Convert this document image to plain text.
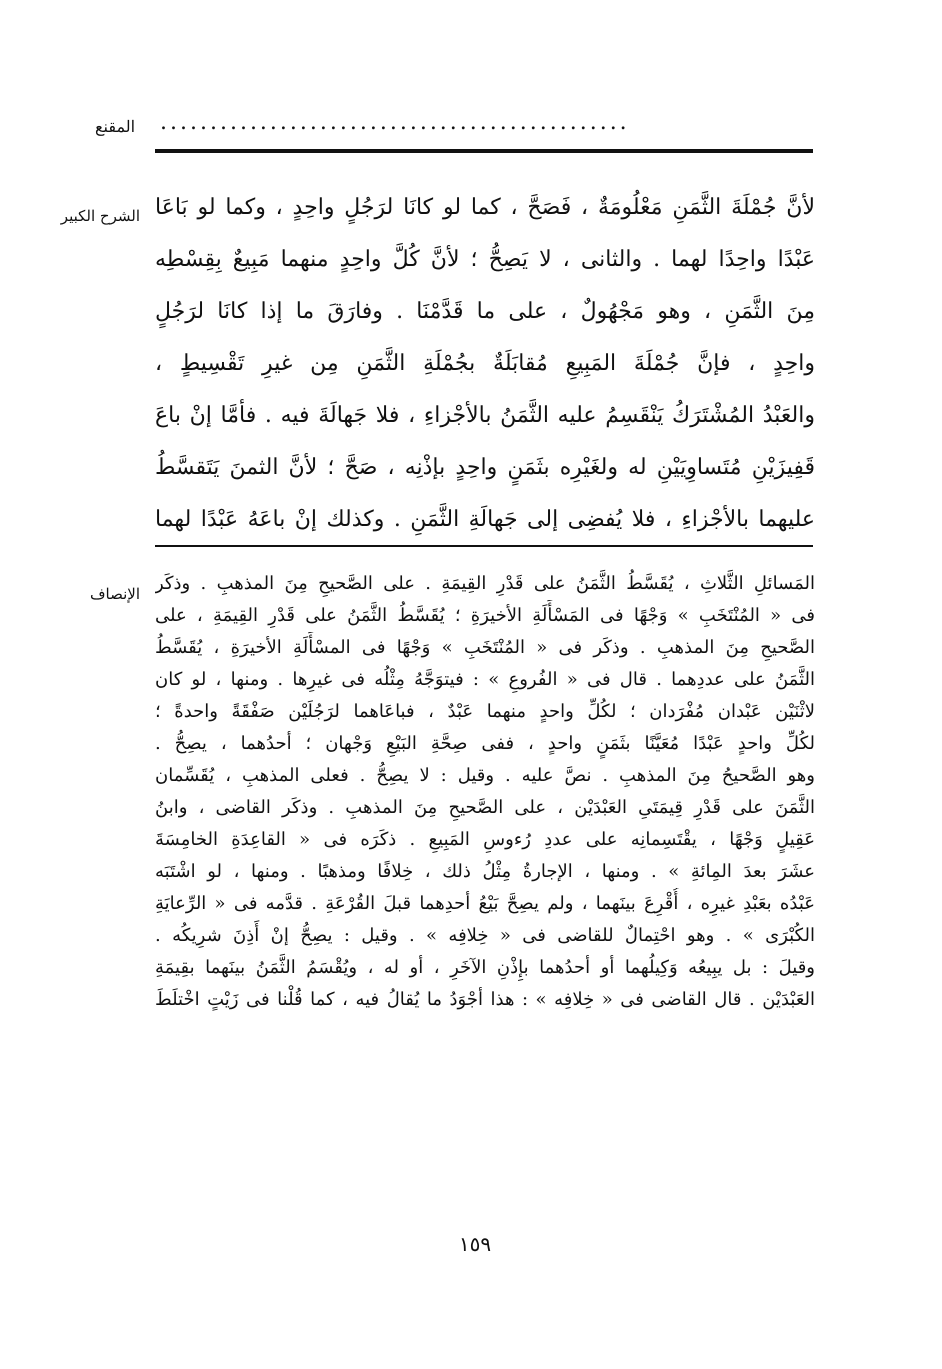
المقنع	...............................................
الشرح الكبير لأنَّ جُمْلَةَ الثَّمَنِ مَعْلُومَةٌ ، فَصَحَّ ، كما لو كانَا لرَجُلٍ واحِدٍ ، وكما لو بَاعَا
عَبْدًا واحِدًا لهما . والثانى ، لا يَصِحُّ ؛ لأنَّ كُلَّ واحِدٍ منهما مَبِيعٌ بِقِسْطِه
مِنَ الثَّمَنِ ، وهو مَجْهُولٌ ، على ما قَدَّمْنَا . وفارَقَ ما إذا كانَا لرَجُلٍ
واحِدٍ ، فإنَّ جُمْلَةَ المَبِيعِ مُقابَلَةٌ بجُمْلَةِ الثَّمَنِ مِن غيرِ تَقْسِيطٍ ،
والعَبْدُ المُشْتَرَكُ يَنْقَسِمُ عليه الثَّمَنُ بالأجْزاءِ ، فلا جَهالَةَ فيه . فأمَّا إنْ باعَ
قَفِيزَيْنِ مُتَساوِيَيْنِ له ولغَيْرِه بثَمَنٍ واحِدٍ بإذْنِه ، صَحَّ ؛ لأنَّ الثمنَ يَتَقسَّطُ
عليهما بالأجْزاءِ ، فلا يُفضِى إلى جَهالَةِ الثَّمَنِ . وكذلك إنْ باعَهُ عَبْدًا لهما
الإنصاف المَسائلِ الثَّلاثِ ، يُقَسَّطُ الثَّمَنُ على قَدْرِ القِيمَةِ . على الصَّحيحِ مِنَ المذهبِ . وذكَر
فى « المُنْتَخَبِ » وَجْهًا فى المَسْأَلَةِ الأخيرَةِ ؛ يُقَسَّطُ الثَّمَنُ على قَدْرِ القِيمَةِ ، على
الصَّحيحِ مِنَ المذهبِ . وذكَر فى « المُنْتَخَبِ » وَجْهًا فى المسْأَلَةِ الأخيرَةِ ، يُقَسَّطُ
الثَّمَنُ على عددِهما . قال فى « الفُروعِ » : فيتوَجَّهُ مِثْلُه فى غيرِها . ومنها ، لو كان
لاثْنَيْن عَبْدان مُفْرَدان ؛ لكُلِّ واحدٍ منهما عَبْدٌ ، فباعَاهما لرَجُلَيْن صَفْقَةً واحدةً ؛
لكُلِّ واحدٍ عَبْدًا مُعَيَّنًا بثَمَنٍ واحدٍ ، ففى صِحَّةِ البَيْعِ وَجْهان ؛ أحدُهما ، يصِحُّ .
وهو الصَّحيحُ مِنَ المذهبِ . نصَّ عليه . وقيل : لا يصِحُّ . فعلى المذهبِ ، يُقَسِّمان
الثَّمَنَ على قَدْرِ قِيمَتَىِ العَبْدَيْن ، على الصَّحيحِ مِنَ المذهبِ . وذكَر القاضى ، وابنُ
عَقِيلٍ وَجْهًا ، يقْتَسِمانِه على عددِ رُءوسِ المَبِيعِ . ذكَرَه فى « القاعِدَةِ الخامِسَةَ
عشَرَ بعدَ المِائةِ » . ومنها ، الإجارةُ مِثْلُ ذلك ، خِلافًا ومذهبًا . ومنها ، لو اشْتَبَه
عَبْدُه بعَبْدِ غيرِه ، أُقْرِعَ بينَهما ، ولم يصِحَّ بَيْعُ أحدِهما قبلَ القُرْعَةِ . قدَّمه فى « الرِّعايَةِ
الكُبْرَى » . وهو احْتِمالٌ للقاضى فى « خِلافِه » . وقيل : يصِحُّ إنْ أَذِنَ شرِيكُه .
وقيلَ : بل يبِيعُه وَكِيلُهما أو أحدُهما بإِذْنِ الآخَرِ ، أو له ، ويُقْسَمُ الثَّمَنُ بينَهما بقِيمَةِ
العَبْدَيْن . قال القاضى فى « خِلافِه » : هذا أجْوَدُ ما يُقالُ فيه ، كما قُلْنا فى زَيْتٍ اخْتلَطَ
١٥٩
